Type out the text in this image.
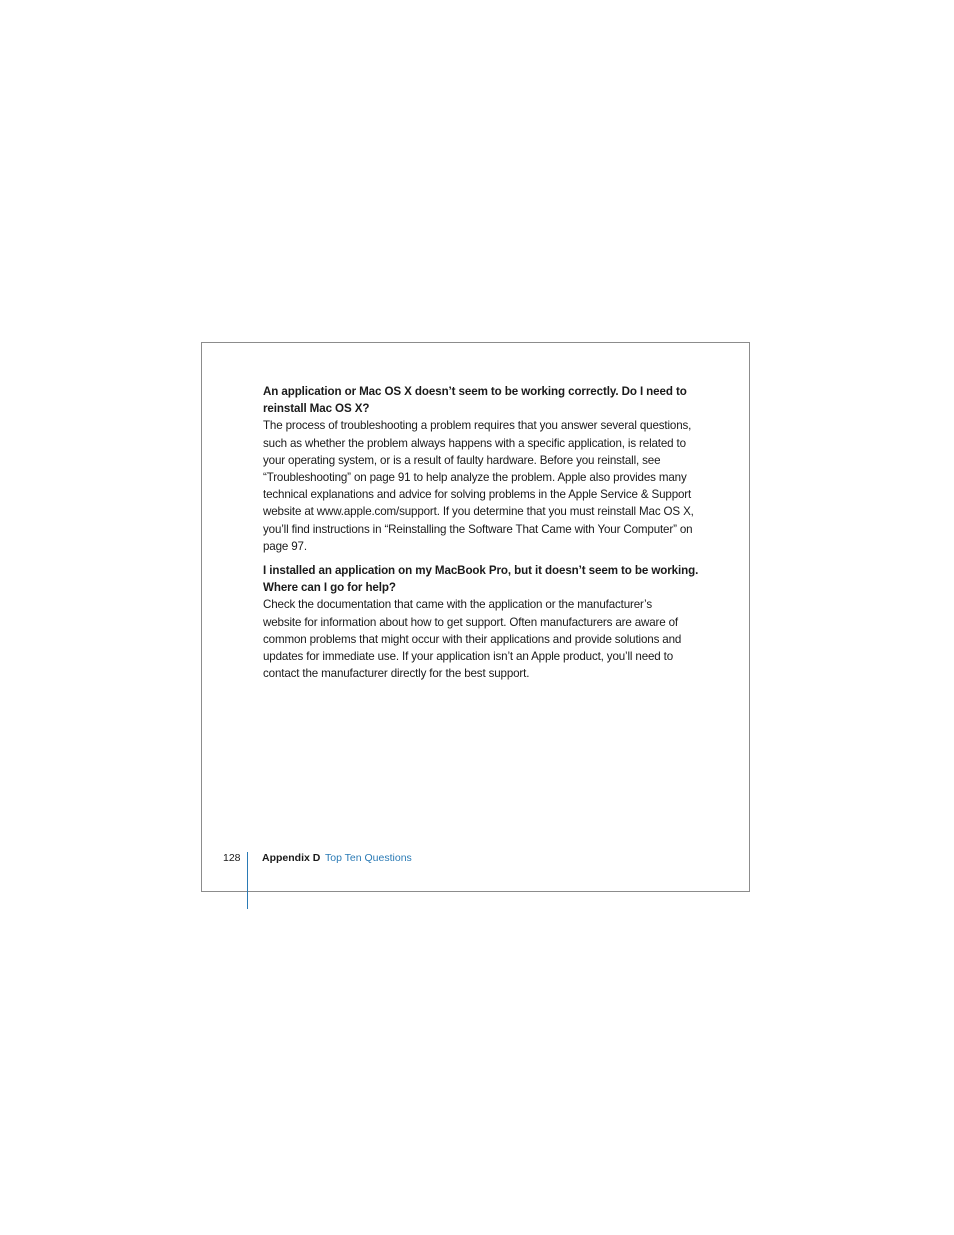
An application or Mac OS X doesn’t seem to be working correctly. Do I need to
reinstall Mac OS X?

The process of troubleshooting a problem requires that you answer several questions,
such as whether the problem always happens with a specific application, is related to
your operating system, or is a result of faulty hardware. Before you reinstall, see
“Troubleshooting” on page 91 to help analyze the problem. Apple also provides many
technical explanations and advice for solving problems in the Apple Service & Support
website at www.apple.com/support. If you determine that you must reinstall Mac OS X,
you’ll find instructions in “Reinstalling the Software That Came with Your Computer” on
page 97.

I installed an application on my MacBook Pro, but it doesn’t seem to be working.
Where can I go for help?

Check the documentation that came with the application or the manufacturer’s
website for information about how to get support. Often manufacturers are aware of
common problems that might occur with their applications and provide solutions and
updates for immediate use. If your application isn’t an Apple product, you’ll need to
contact the manufacturer directly for the best support.

128 Appendix D Top Ten Questions
